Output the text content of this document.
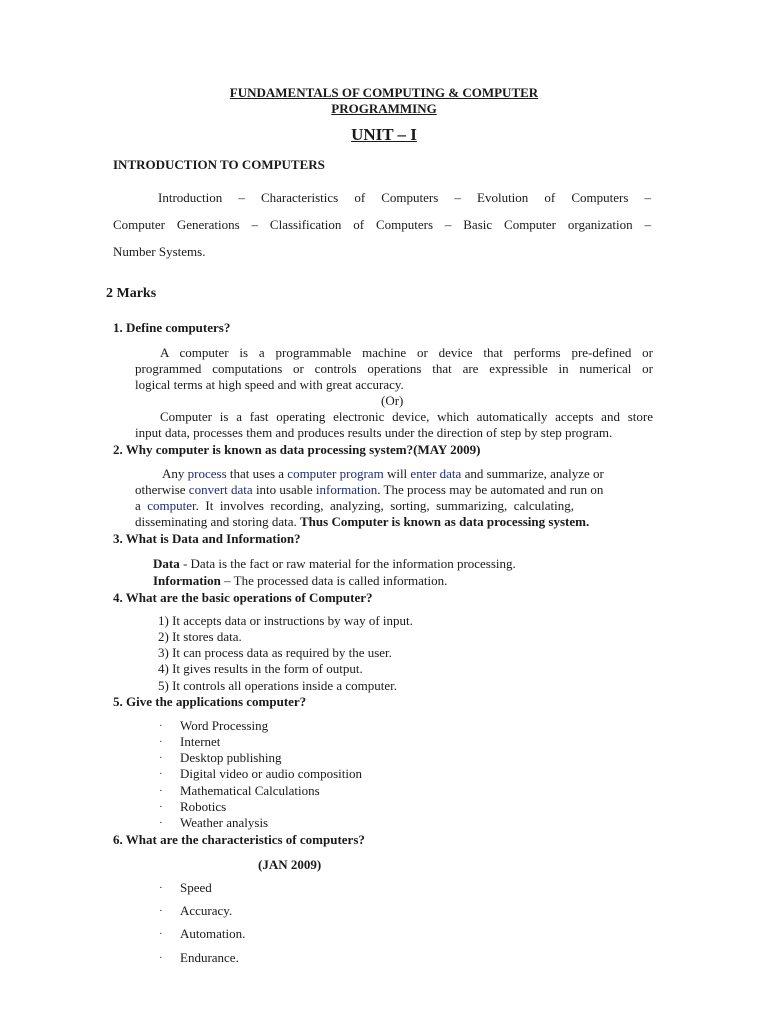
FUNDAMENTALS OF COMPUTING & COMPUTER
PROGRAMMING
UNIT – I
INTRODUCTION TO COMPUTERS
Introduction – Characteristics of Computers – Evolution of Computers –
Computer Generations – Classification of Computers – Basic Computer organization –
Number Systems.
2 Marks
1. Define computers?
A computer is a programmable machine or device that performs pre-defined or
programmed computations or controls operations that are expressible in numerical or
logical terms at high speed and with great accuracy.
(Or)
Computer is a fast operating electronic device, which automatically accepts and store
input data, processes them and produces results under the direction of step by step program.
2. Why computer is known as data processing system?(MAY 2009)
Any process that uses a computer program will enter data and summarize, analyze or
otherwise convert data into usable information. The process may be automated and run on
a computer.  It  involves  recording,  analyzing,  sorting,  summarizing,  calculating,
disseminating and storing data. Thus Computer is known as data processing system.
3. What is Data and Information?
Data - Data is the fact or raw material for the information processing.
Information – The processed data is called information.
4. What are the basic operations of Computer?
1) It accepts data or instructions by way of input.
2) It stores data.
3) It can process data as required by the user.
4) It gives results in the form of output.
5) It controls all operations inside a computer.
5. Give the applications computer?
· Word Processing
· Internet
· Desktop publishing
· Digital video or audio composition
· Mathematical Calculations
· Robotics
· Weather analysis
6. What are the characteristics of computers?
(JAN 2009)
· Speed
· Accuracy.
· Automation.
· Endurance.
